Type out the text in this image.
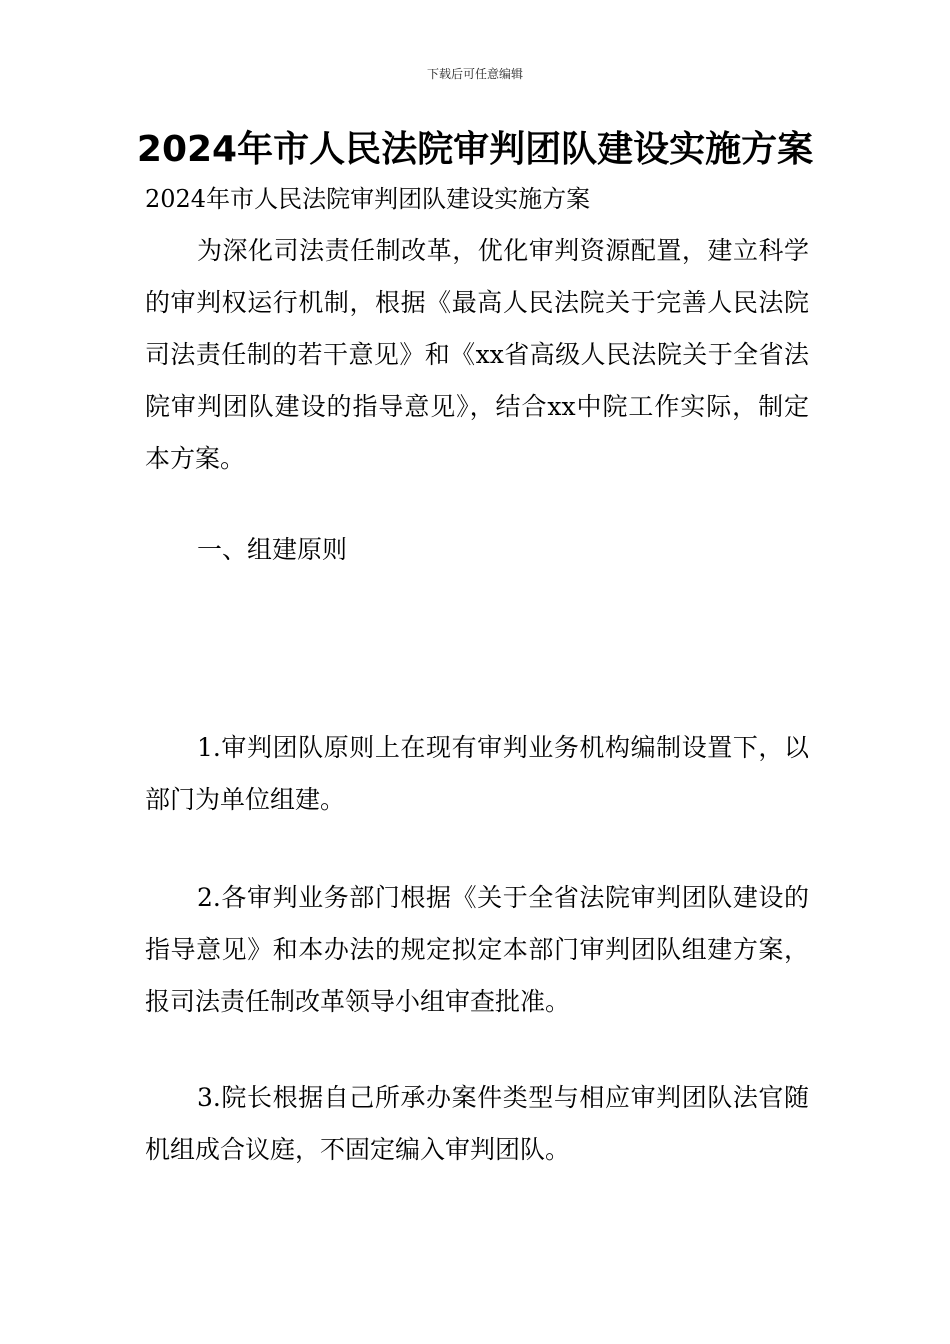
下载后可任意编辑
2024年市人民法院审判团队建设实施方案
2024年市人民法院审判团队建设实施方案

为深化司法责任制改革，优化审判资源配置，建立科学的审判权运行机制，根据《最高人民法院关于完善人民法院司法责任制的若干意见》和《xx省高级人民法院关于全省法院审判团队建设的指导意见》，结合xx中院工作实际，制定本方案。

一、组建原则

1.审判团队原则上在现有审判业务机构编制设置下，以部门为单位组建。

2.各审判业务部门根据《关于全省法院审判团队建设的指导意见》和本办法的规定拟定本部门审判团队组建方案，报司法责任制改革领导小组审查批准。

3.院长根据自己所承办案件类型与相应审判团队法官随机组成合议庭，不固定编入审判团队。
